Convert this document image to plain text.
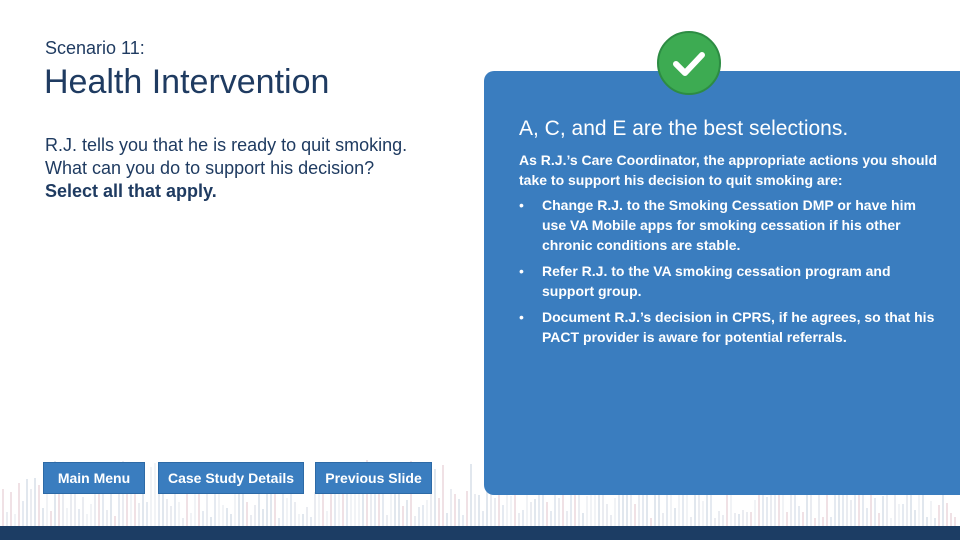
Scenario 11:
Health Intervention
R.J. tells you that he is ready to quit smoking. What can you do to support his decision?
Select all that apply.
A, C, and E are the best selections.
As R.J.’s Care Coordinator, the appropriate actions you should take to support his decision to quit smoking are:
• Change R.J. to the Smoking Cessation DMP or have him use VA Mobile apps for smoking cessation if his other chronic conditions are stable.
• Refer R.J. to the VA smoking cessation program and support group.
• Document R.J.’s decision in CPRS, if he agrees, so that his PACT provider is aware for potential referrals.
Main Menu	Case Study Details	Previous Slide
